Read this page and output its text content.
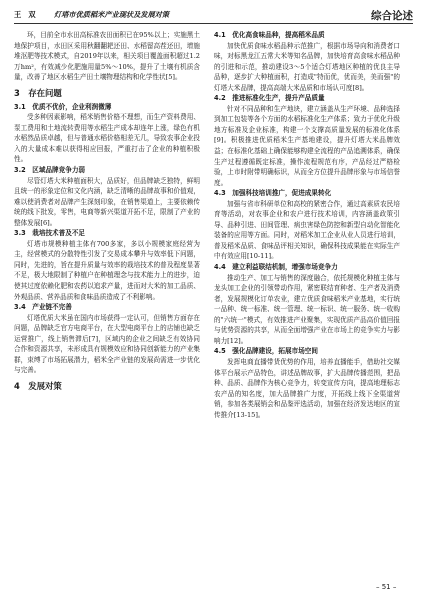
王　双	灯塔市优质稻米产业现状及发展对策	综合论述

环，目前全市水田高标准农田面积已在95%以上；实施黑土地保护项目，水田区采用秋翻翻耙还田、水稻留高茬还田，增施堆沤肥等技术模式，自2019年以来，相关项目覆盖面积超过1.2万hm²，有效减少化肥施用量5%～10%，提升了土壤有机质含量，改善了地区水稻生产田土壤物理结构和化学性状[5]。

3　存在问题
3.1　优质不优价，企业利润微薄

受多种因素影响，稻米销售价格不理想，而生产资料费用、泵工费用和土地流转费用等水稻生产成本却连年上涨，绿色有机水稻然品质卓越，但与普通水稻价格相差无几，导致农事企业投入的大量成本难以获得相应回报，严重打击了企业的种植积极性。

3.2　区域品牌竞争力弱

尽管灯塔大米种植面积大，品质好，但品牌缺乏独特，鲜明且统一的形象定位和文化内涵，缺乏清晰的品牌故事和价值观，难以使消费者对品牌产生深刻印象，在销售渠道上，主要依赖传统的线下批发，零售，电商等新兴渠道开拓不足，限制了产业的整体发展[6]。

3.3　栽培技术普及不足

灯塔市规模种植主体有700多家，多以小规模家庭经营为主，经营模式的分散特性引发了交易成本攀升与效率低下问题，同时，先进的，旨在提升质量与效率的栽培技术的普及程度显著不足，极大地限制了种植户在种植理念与技术能力上的进步，迫使其过度依赖化肥和农药以追求产量，进而对大米的加工品质、外观品质、营养品质和食味品质造成了不利影响。

3.4　产业链不完善

灯塔优质大米虽在国内市场获得一定认可，但销售方面存在问题，品牌缺乏官方电商平台，在大型电商平台上的店铺也缺乏运营推广，线上销售滞后[7]，区域内的企业之间缺乏有效协同合作和资源共享，未形成具有规模效应和协同创新能力的产业集群，束缚了市场拓展潜力，稻米全产业链的发展尚需进一步优化与完善。

4　发展对策
4.1　优化高食味品种，提高稻米品质

加快优质食味水稻品种示范推广，根据市场导向和消费者口味，对标黑龙江五常大米等知名品牌，加快培育高食味水稻品种的引进和示范，推动建设3～5个适合灯塔地区种植的优良主导品种，逐步扩大种植面积，打造成"特而优，优而美，美而强"的灯塔大米品牌，提高高端大米品质和市场认可度[8]。

4.2　推进标准化生产，提升产品质量

针对不同品种和生产地块，建立涵盖从生产环境、品种选择到加工包装等各个方面的水稻标准化生产体系；致力于优化升级地方标准及企业标准，构建一个支撑高质量发展的标准化体系[9]。积极推进优质稻米生产基地建设，提升灯塔大米品牌效益；在标准化基础上确保能够构建全流程的产品追溯体系，确保生产过程遵循既定标准，操作流程规范有序，产品经过严格检验，上市时附带明确标识，从而全方位提升品牌形象与市场信誉度。

4.3　加强科技培训推广，促进成果转化

加强与省市科研单位和高校的紧密合作，通过高素质农民培育等活动，对农事企业和农户进行技术培训，内容涵盖政策引导、品种引进、田间管理、病虫害绿色防控和新型自动化智能化装备的应用等方面。同时，对稻米加工企业从业人员进行培训，普及稻米品质、食味品评相关知识，确保科技成果能在实际生产中有效应用[10-11]。

4.4　建立利益联结机制，增强市场竞争力

推动生产、加工与销售的深度融合，依托规模化种植主体与龙头加工企业的引领带动作用，紧密联结育种者、生产者及消费者，发展规模化订单农业，建立优质食味稻米产业基地，实行统一品种、统一标准、统一管理、统一标识、统一服务、统一收购的"六统一"模式，有效推进产业聚集，实现优质产品高价值回报与优势资源的共享，从而全面增强产业在市场上的竞争实力与影响力[12]。

4.5　强化品牌建设，拓展市场空间

发挥电商直播带货优势的作用，培养直播能手，借助社交媒体平台展示产品特色，讲述品牌故事，扩大品牌传播范围，把品种、品质、品牌作为核心竞争力，转变宣传方向，提高地理标志农产品的知名度，加大品牌推广力度，开拓线上线下全渠道营销，参加各类展销会和品鉴评选活动，加强在经济发达地区的宣传推介[13-15]。

– 51 –
